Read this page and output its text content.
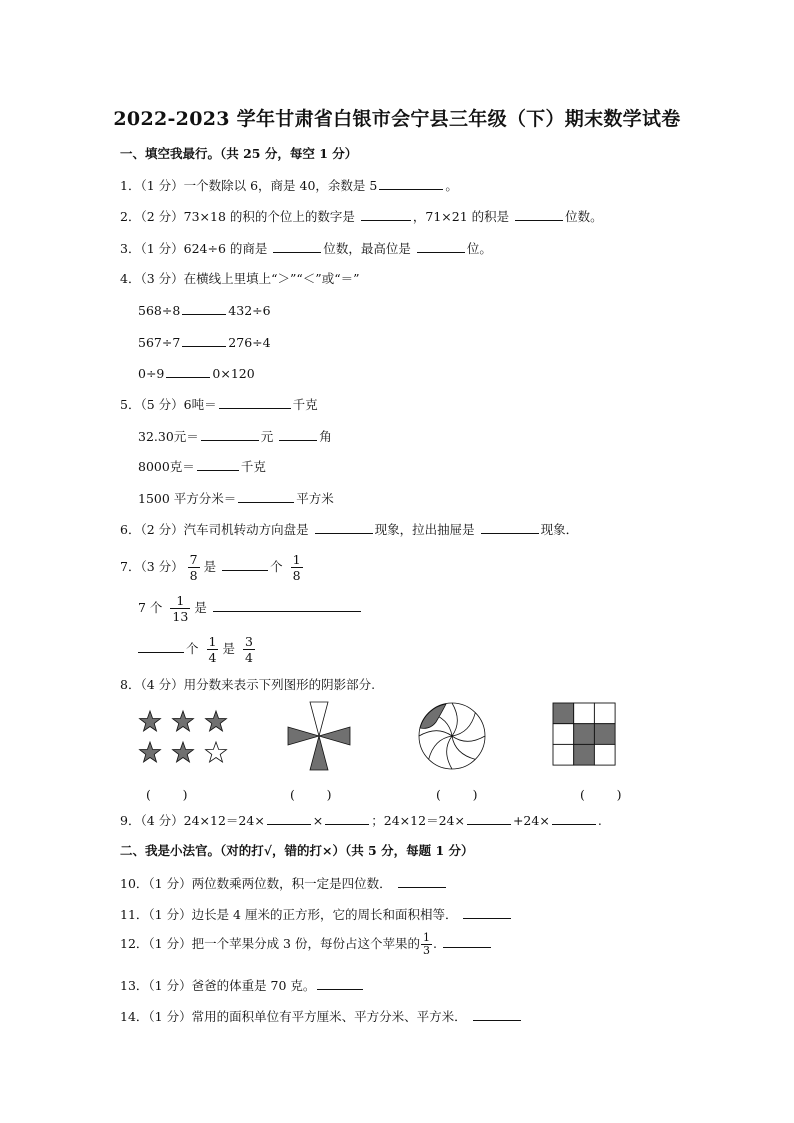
2022-2023 学年甘肃省白银市会宁县三年级（下）期末数学试卷
一、填空我最行。（共 25 分，每空 1 分）
1．（1 分）一个数除以 6，商是 40，余数是 5	。
2．（2 分）73×18 的积的个位上的数字是	，71×21 的积是	位数。
3．（1 分）624÷6 的商是	位数，最高位是	位。
4．（3 分）在横线上里填上“＞”“＜”或“＝”
568÷8	432÷6
567÷7	276÷4
0÷9	0×120
5．（5 分）6吨＝	千克
32.30元＝	元	角
8000克＝	千克
1500 平方分米＝	平方米
6．（2 分）汽车司机转动方向盘是	现象，拉出抽屉是	现象．
7．（3 分） $\frac{7}{8}$ 是	个 $\frac{1}{8}$
7 个 $\frac{1}{13}$ 是
个 $\frac{1}{4}$ 是 $\frac{3}{4}$
8．（4 分）用分数来表示下列图形的阴影部分.
(        )	(        )	(        )	(        )
9．（4 分）24×12＝24×	×	；24×12＝24×	+24×	.
二、我是小法官。（对的打√，错的打×）（共 5 分，每题 1 分）
10．（1 分）两位数乘两位数，积一定是四位数．
11．（1 分）边长是 4 厘米的正方形，它的周长和面积相等．
12．（1 分）把一个苹果分成 3 份，每份占这个苹果的 $\frac{1}{3}$ .
13．（1 分）爸爸的体重是 70 克。
14．（1 分）常用的面积单位有平方厘米、平方分米、平方米．
